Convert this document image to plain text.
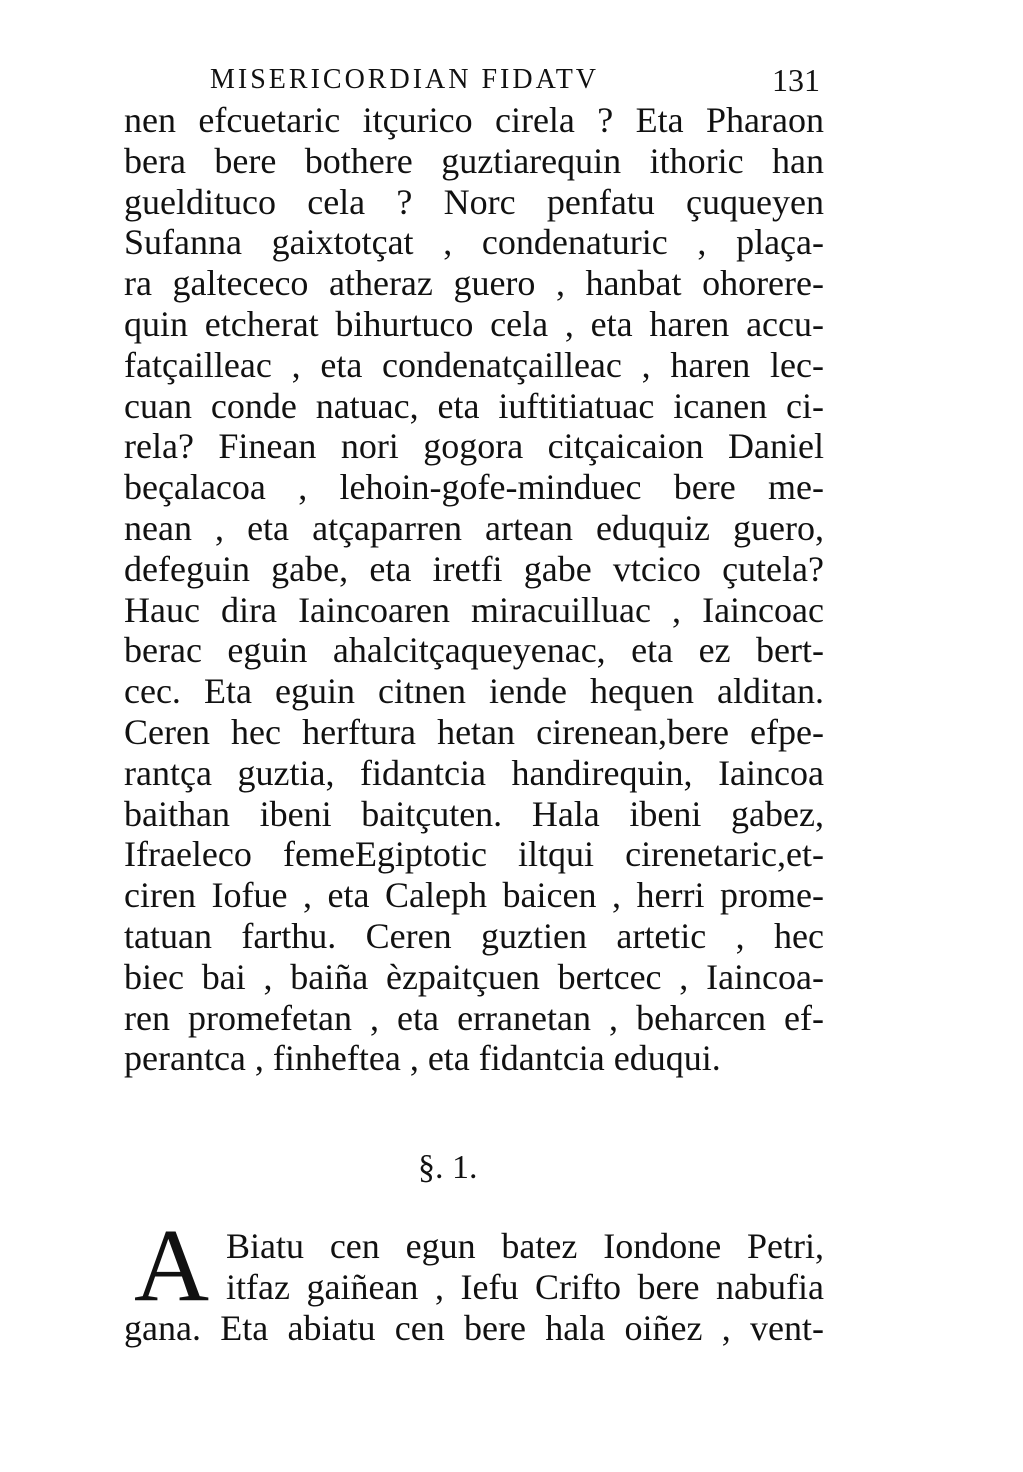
MISERICORDIAN FIDATV	131
nen efcuetaric itçurico cirela ? Eta Pharaon
bera bere bothere guztiarequin ithoric han
gueldituco cela ? Norc penfatu çuqueyen
Sufanna gaixtotçat , condenaturic , plaça-
ra galtececo atheraz guero , hanbat ohorere-
quin etcherat bihurtuco cela , eta haren accu-
fatçailleac , eta condenatçailleac , haren lec-
cuan conde natuac, eta iuftitiatuac icanen ci-
rela? Finean nori gogora citçaicaion Daniel
beçalacoa , lehoin-gofe-minduec bere me-
nean , eta atçaparren artean eduquiz guero,
defeguin gabe, eta iretfi gabe vtcico çutela?
Hauc dira Iaincoaren miracuilluac , Iaincoac
berac eguin ahalcitçaqueyenac, eta ez bert-
cec. Eta eguin citnen iende hequen alditan.
Ceren hec herftura hetan cirenean,bere efpe-
rantça guztia, fidantcia handirequin, Iaincoa
baithan ibeni baitçuten. Hala ibeni gabez,
Ifraeleco femeEgiptotic iltqui cirenetaric,et-
ciren Iofue , eta Caleph baicen , herri prome-
tatuan farthu. Ceren guztien artetic , hec
biec bai , baiña èzpaitçuen bertcec , Iaincoa-
ren promefetan , eta erranetan , beharcen ef-
perantca , finheftea , eta fidantcia eduqui.
§. 1.
A Biatu cen egun batez Iondone Petri,
itfaz gaiñean , Iefu Crifto bere nabufia
gana. Eta abiatu cen bere hala oiñez , vent-
